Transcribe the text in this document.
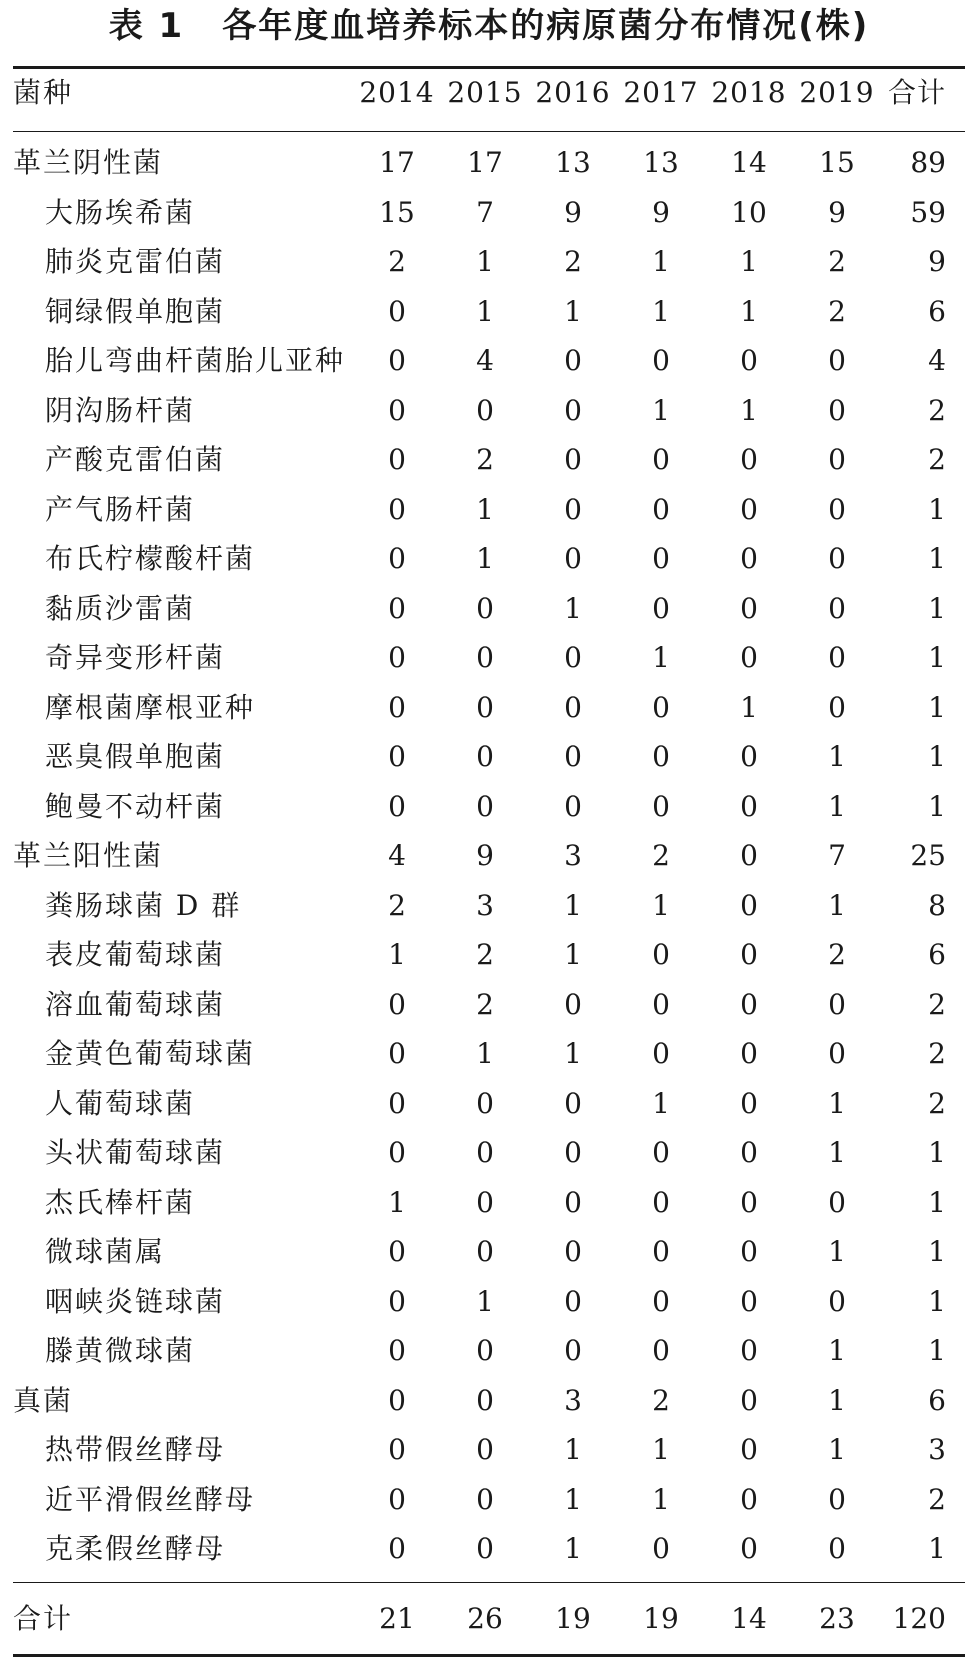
表 1 各年度血培养标本的病原菌分布情况(株)
菌种	2014 2015 2016 2017 2018 2019 合计
革兰阴性菌	17	17	13	13	14	15	89
大肠埃希菌	15	7	9	9	10	9	59
肺炎克雷伯菌	2	1	2	1	1	2	9
铜绿假单胞菌	0	1	1	1	1	2	6
胎儿弯曲杆菌胎儿亚种	0	4	0	0	0	0	4
阴沟肠杆菌	0	0	0	1	1	0	2
产酸克雷伯菌	0	2	0	0	0	0	2
产气肠杆菌	0	1	0	0	0	0	1
布氏柠檬酸杆菌	0	1	0	0	0	0	1
黏质沙雷菌	0	0	1	0	0	0	1
奇异变形杆菌	0	0	0	1	0	0	1
摩根菌摩根亚种	0	0	0	0	1	0	1
恶臭假单胞菌	0	0	0	0	0	1	1
鲍曼不动杆菌	0	0	0	0	0	1	1
革兰阳性菌	4	9	3	2	0	7	25
粪肠球菌 D 群	2	3	1	1	0	1	8
表皮葡萄球菌	1	2	1	0	0	2	6
溶血葡萄球菌	0	2	0	0	0	0	2
金黄色葡萄球菌	0	1	1	0	0	0	2
人葡萄球菌	0	0	0	1	0	1	2
头状葡萄球菌	0	0	0	0	0	1	1
杰氏棒杆菌	1	0	0	0	0	0	1
微球菌属	0	0	0	0	0	1	1
咽峡炎链球菌	0	1	0	0	0	0	1
滕黄微球菌	0	0	0	0	0	1	1
真菌	0	0	3	2	0	1	6
热带假丝酵母	0	0	1	1	0	1	3
近平滑假丝酵母	0	0	1	1	0	0	2
克柔假丝酵母	0	0	1	0	0	0	1
合计	21	26	19	19	14	23	120
